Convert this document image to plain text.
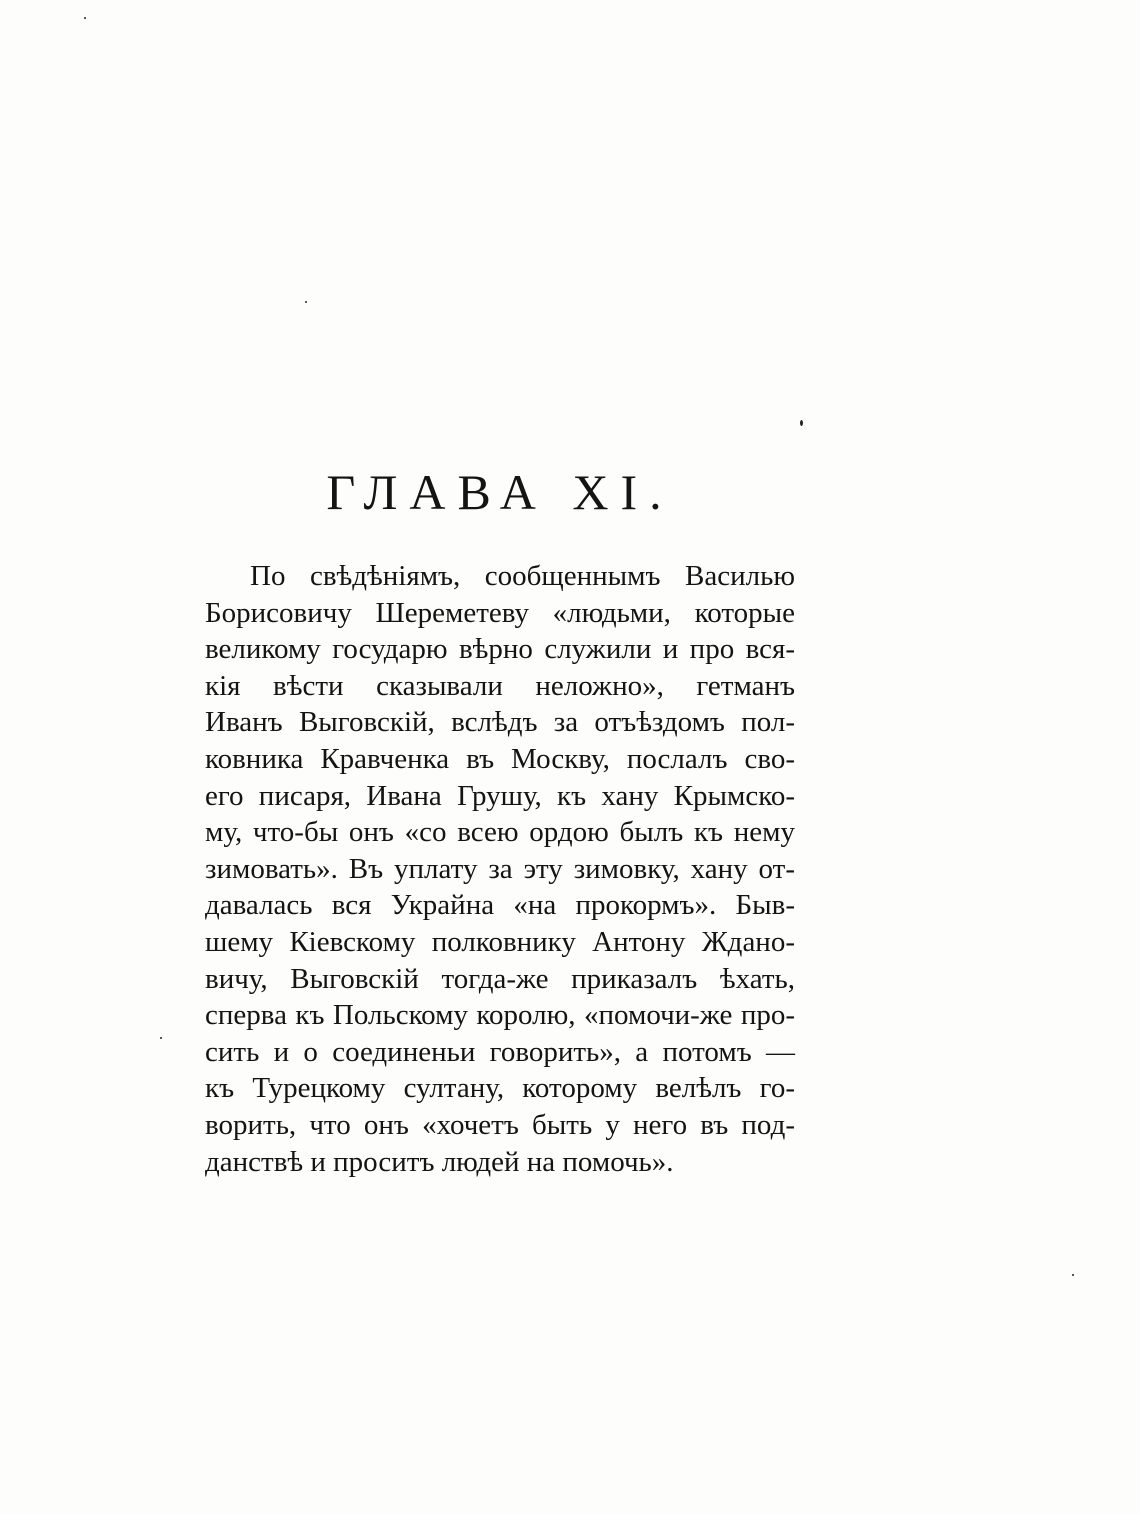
ГЛАВА XI.
По свѣдѣніямъ, сообщеннымъ Василью
Борисовичу Шереметеву «людьми, которые
великому государю вѣрно служили и про вся-
кія вѣсти сказывали неложно», гетманъ
Иванъ Выговскій, вслѣдъ за отъѣздомъ пол-
ковника Кравченка въ Москву, послалъ сво-
его писаря, Ивана Грушу, къ хану Крымско-
му, что-бы онъ «со всею ордою былъ къ нему
зимовать». Въ уплату за эту зимовку, хану от-
давалась вся Украйна «на прокормъ». Быв-
шему Кіевскому полковнику Антону Ждано-
вичу, Выговскій тогда-же приказалъ ѣхать,
сперва къ Польскому королю, «помочи-же про-
сить и о соединеньи говорить», а потомъ —
къ Турецкому султану, которому велѣлъ го-
ворить, что онъ «хочетъ быть у него въ под-
данствѣ и проситъ людей на помочь».
